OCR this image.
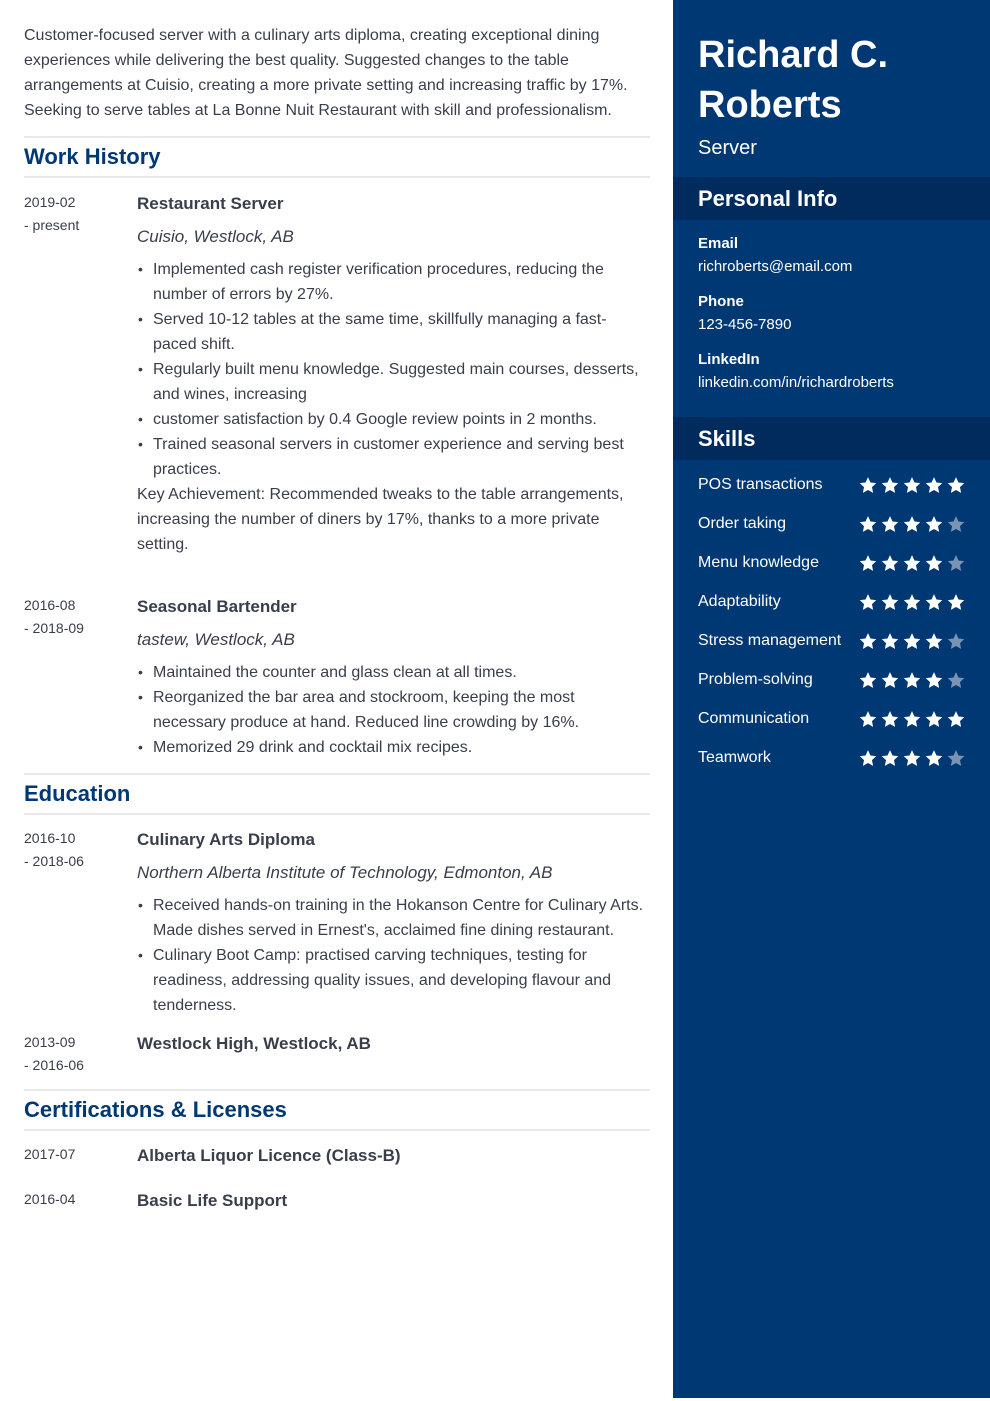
Customer-focused server with a culinary arts diploma, creating exceptional dining experiences while delivering the best quality. Suggested changes to the table arrangements at Cuisio, creating a more private setting and increasing traffic by 17%. Seeking to serve tables at La Bonne Nuit Restaurant with skill and professionalism.

Work History
2019-02
- present
Restaurant Server
Cuisio, Westlock, AB
• Implemented cash register verification procedures, reducing the number of errors by 27%.
• Served 10-12 tables at the same time, skillfully managing a fast-paced shift.
• Regularly built menu knowledge. Suggested main courses, desserts, and wines, increasing
• customer satisfaction by 0.4 Google review points in 2 months.
• Trained seasonal servers in customer experience and serving best practices.
Key Achievement: Recommended tweaks to the table arrangements, increasing the number of diners by 17%, thanks to a more private setting.
2016-08
- 2018-09
Seasonal Bartender
tastew, Westlock, AB
• Maintained the counter and glass clean at all times.
• Reorganized the bar area and stockroom, keeping the most necessary produce at hand. Reduced line crowding by 16%.
• Memorized 29 drink and cocktail mix recipes.
Education
2016-10
- 2018-06
Culinary Arts Diploma
Northern Alberta Institute of Technology, Edmonton, AB
• Received hands-on training in the Hokanson Centre for Culinary Arts. Made dishes served in Ernest's, acclaimed fine dining restaurant.
• Culinary Boot Camp: practised carving techniques, testing for readiness, addressing quality issues, and developing flavour and tenderness.
2013-09
- 2016-06
Westlock High, Westlock, AB
Certifications & Licenses
2017-07	Alberta Liquor Licence (Class-B)
2016-04	Basic Life Support
Richard C.
Roberts
Server
Personal Info
Email
richroberts@email.com
Phone
123-456-7890
LinkedIn
linkedin.com/in/richardroberts
Skills
POS transactions
Order taking
Menu knowledge
Adaptability
Stress management
Problem-solving
Communication
Teamwork
